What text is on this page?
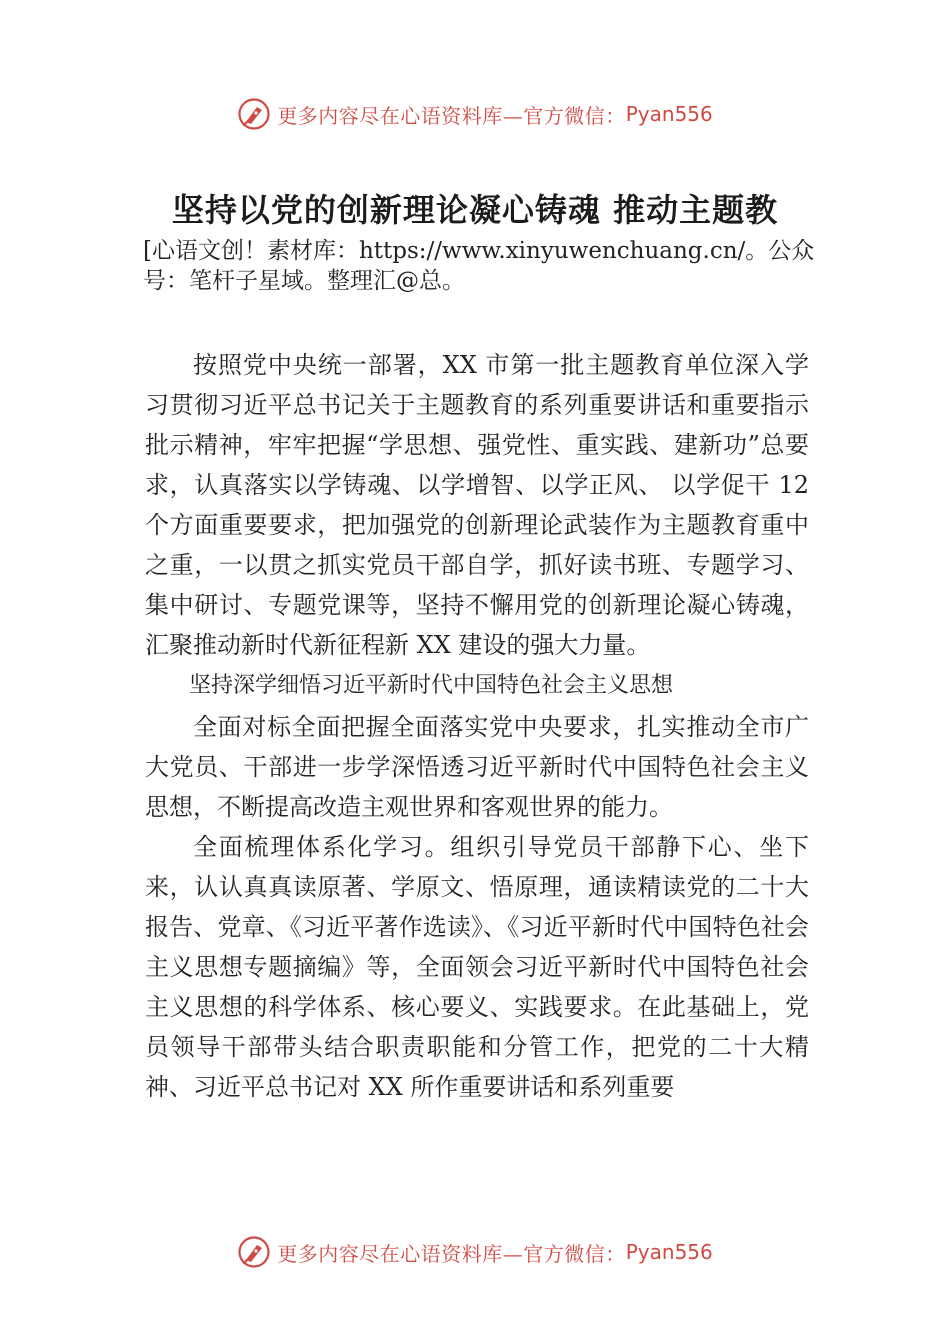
更多内容尽在心语资料库—官方微信： Pyan556
坚持以党的创新理论凝心铸魂 推动主题教
[心语文创！素材库：https://www.xinyuwenchuang.cn/。公众号：笔杆子星域。整理汇@总。

按照党中央统一部署，XX 市第一批主题教育单位深入学习贯彻习近平总书记关于主题教育的系列重要讲话和重要指示批示精神，牢牢把握“学思想、强党性、重实践、建新功”总要求，认真落实以学铸魂、以学增智、以学正风、 以学促干 12 个方面重要要求，把加强党的创新理论武装作为主题教育重中之重，一以贯之抓实党员干部自学，抓好读书班、专题学习、集中研讨、专题党课等，坚持不懈用党的创新理论凝心铸魂，汇聚推动新时代新征程新 XX 建设的强大力量。

坚持深学细悟习近平新时代中国特色社会主义思想

全面对标全面把握全面落实党中央要求，扎实推动全市广大党员、干部进一步学深悟透习近平新时代中国特色社会主义思想，不断提高改造主观世界和客观世界的能力。

全面梳理体系化学习。组织引导党员干部静下心、坐下来，认认真真读原著、学原文、悟原理，通读精读党的二十大报告、党章、《习近平著作选读》、《习近平新时代中国特色社会主义思想专题摘编》等，全面领会习近平新时代中国特色社会主义思想的科学体系、核心要义、实践要求。在此基础上，党员领导干部带头结合职责职能和分管工作，把党的二十大精神、习近平总书记对 XX 所作重要讲话和系列重要

更多内容尽在心语资料库—官方微信： Pyan556
